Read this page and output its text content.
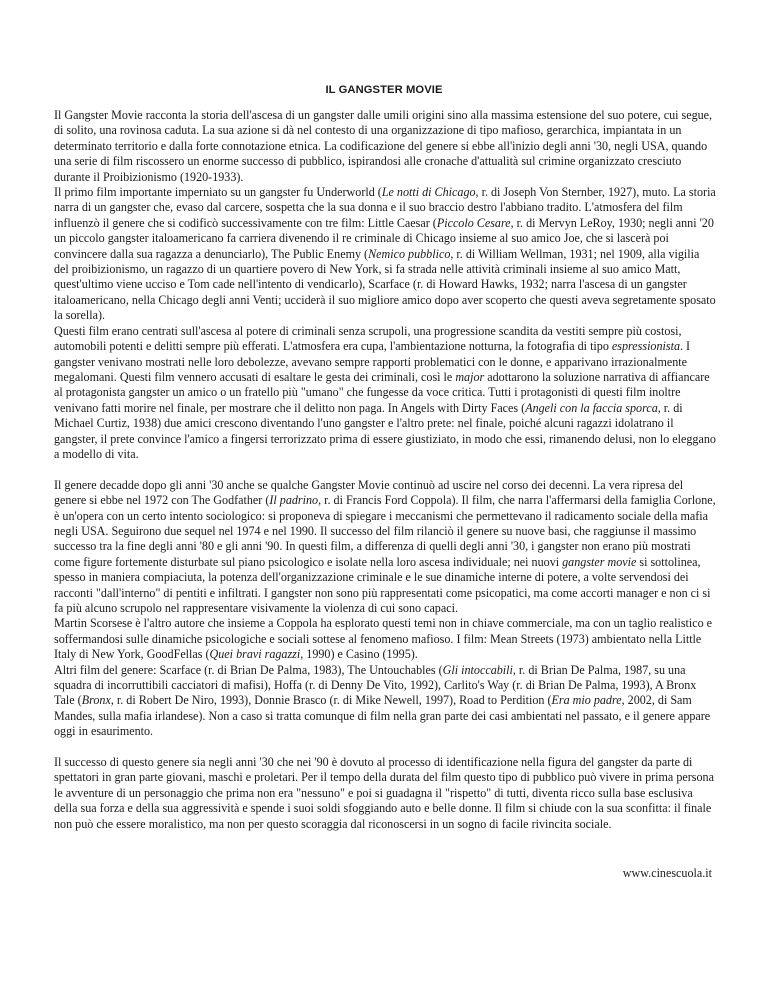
IL GANGSTER MOVIE

Il Gangster Movie racconta la storia dell'ascesa di un gangster dalle umili origini sino alla massima estensione del suo potere, cui segue, di solito, una rovinosa caduta. La sua azione si dà nel contesto di una organizzazione di tipo mafioso, gerarchica, impiantata in un determinato territorio e dalla forte connotazione etnica. La codificazione del genere si ebbe all'inizio degli anni '30, negli USA, quando una serie di film riscossero un enorme successo di pubblico, ispirandosi alle cronache d'attualità sul crimine organizzato cresciuto durante il Proibizionismo (1920-1933).

Il primo film importante imperniato su un gangster fu Underworld (Le notti di Chicago, r. di Joseph Von Sternber, 1927), muto. La storia narra di un gangster che, evaso dal carcere, sospetta che la sua donna e il suo braccio destro l'abbiano tradito. L'atmosfera del film influenzò il genere che si codificò successivamente con tre film: Little Caesar (Piccolo Cesare, r. di Mervyn LeRoy, 1930; negli anni '20 un piccolo gangster italoamericano fa carriera divenendo il re criminale di Chicago insieme al suo amico Joe, che si lascerà poi convincere dalla sua ragazza a denunciarlo), The Public Enemy (Nemico pubblico, r. di William Wellman, 1931; nel 1909, alla vigilia del proibizionismo, un ragazzo di un quartiere povero di New York, si fa strada nelle attività criminali insieme al suo amico Matt, quest'ultimo viene ucciso e Tom cade nell'intento di vendicarlo), Scarface (r. di Howard Hawks, 1932; narra l'ascesa di un gangster italoamericano, nella Chicago degli anni Venti; ucciderà il suo migliore amico dopo aver scoperto che questi aveva segretamente sposato la sorella).

Questi film erano centrati sull'ascesa al potere di criminali senza scrupoli, una progressione scandita da vestiti sempre più costosi, automobili potenti e delitti sempre più efferati. L'atmosfera era cupa, l'ambientazione notturna, la fotografia di tipo espressionista. I gangster venivano mostrati nelle loro debolezze, avevano sempre rapporti problematici con le donne, e apparivano irrazionalmente megalomani. Questi film vennero accusati di esaltare le gesta dei criminali, così le major adottarono la soluzione narrativa di affiancare al protagonista gangster un amico o un fratello più "umano" che fungesse da voce critica. Tutti i protagonisti di questi film inoltre venivano fatti morire nel finale, per mostrare che il delitto non paga. In Angels with Dirty Faces (Angeli con la faccia sporca, r. di Michael Curtiz, 1938) due amici crescono diventando l'uno gangster e l'altro prete: nel finale, poiché alcuni ragazzi idolatrano il gangster, il prete convince l'amico a fingersi terrorizzato prima di essere giustiziato, in modo che essi, rimanendo delusi, non lo eleggano a modello di vita.

Il genere decadde dopo gli anni '30 anche se qualche Gangster Movie continuò ad uscire nel corso dei decenni. La vera ripresa del genere si ebbe nel 1972 con The Godfather (Il padrino, r. di Francis Ford Coppola). Il film, che narra l'affermarsi della famiglia Corlone, è un'opera con un certo intento sociologico: si proponeva di spiegare i meccanismi che permettevano il radicamento sociale della mafia negli USA. Seguirono due sequel nel 1974 e nel 1990. Il successo del film rilanciò il genere su nuove basi, che raggiunse il massimo successo tra la fine degli anni '80 e gli anni '90. In questi film, a differenza di quelli degli anni '30, i gangster non erano più mostrati come figure fortemente disturbate sul piano psicologico e isolate nella loro ascesa individuale; nei nuovi gangster movie si sottolinea, spesso in maniera compiaciuta, la potenza dell'organizzazione criminale e le sue dinamiche interne di potere, a volte servendosi dei racconti "dall'interno" di pentiti e infiltrati. I gangster non sono più rappresentati come psicopatici, ma come accorti manager e non ci si fa più alcuno scrupolo nel rappresentare visivamente la violenza di cui sono capaci.

Martin Scorsese è l'altro autore che insieme a Coppola ha esplorato questi temi non in chiave commerciale, ma con un taglio realistico e soffermandosi sulle dinamiche psicologiche e sociali sottese al fenomeno mafioso. I film: Mean Streets (1973) ambientato nella Little Italy di New York, GoodFellas (Quei bravi ragazzi, 1990) e Casino (1995).

Altri film del genere: Scarface (r. di Brian De Palma, 1983), The Untouchables (Gli intoccabili, r. di Brian De Palma, 1987, su una squadra di incorruttibili cacciatori di mafisi), Hoffa (r. di Denny De Vito, 1992), Carlito's Way (r. di Brian De Palma, 1993), A Bronx Tale (Bronx, r. di Robert De Niro, 1993), Donnie Brasco (r. di Mike Newell, 1997), Road to Perdition (Era mio padre, 2002, di Sam Mandes, sulla mafia irlandese). Non a caso si tratta comunque di film nella gran parte dei casi ambientati nel passato, e il genere appare oggi in esaurimento.

Il successo di questo genere sia negli anni '30 che nei '90 è dovuto al processo di identificazione nella figura del gangster da parte di spettatori in gran parte giovani, maschi e proletari. Per il tempo della durata del film questo tipo di pubblico può vivere in prima persona le avventure di un personaggio che prima non era "nessuno" e poi si guadagna il "rispetto" di tutti, diventa ricco sulla base esclusiva della sua forza e della sua aggressività e spende i suoi soldi sfoggiando auto e belle donne. Il film si chiude con la sua sconfitta: il finale non può che essere moralistico, ma non per questo scoraggia dal riconoscersi in un sogno di facile rivincita sociale.

www.cinescuola.it
